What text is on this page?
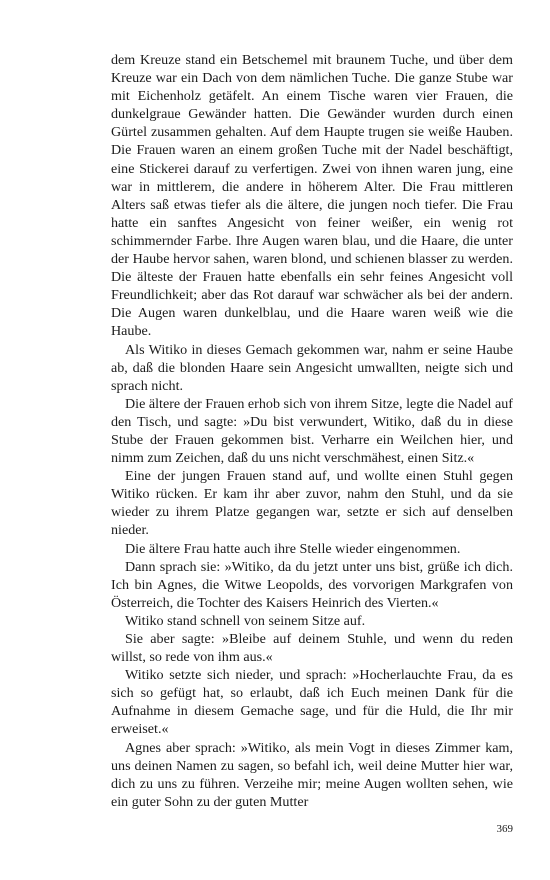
dem Kreuze stand ein Betschemel mit braunem Tuche, und über dem Kreuze war ein Dach von dem nämlichen Tuche. Die ganze Stube war mit Eichenholz getäfelt. An einem Tische waren vier Frauen, die dunkelgraue Gewänder hatten. Die Gewänder wurden durch einen Gürtel zusammen gehalten. Auf dem Haupte trugen sie weiße Hauben. Die Frauen waren an einem großen Tuche mit der Nadel beschäftigt, eine Stickerei darauf zu verfertigen. Zwei von ihnen waren jung, eine war in mittlerem, die andere in höherem Alter. Die Frau mittleren Alters saß etwas tiefer als die ältere, die jungen noch tiefer. Die Frau hatte ein sanftes Angesicht von feiner weißer, ein wenig rot schimmernder Farbe. Ihre Augen waren blau, und die Haare, die unter der Haube hervor sahen, waren blond, und schienen blasser zu werden. Die älteste der Frauen hatte ebenfalls ein sehr feines Angesicht voll Freundlichkeit; aber das Rot darauf war schwächer als bei der andern. Die Augen waren dunkelblau, und die Haare waren weiß wie die Haube.

Als Witiko in dieses Gemach gekommen war, nahm er seine Haube ab, daß die blonden Haare sein Angesicht umwallten, neigte sich und sprach nicht.

Die ältere der Frauen erhob sich von ihrem Sitze, legte die Nadel auf den Tisch, und sagte: »Du bist verwundert, Witiko, daß du in diese Stube der Frauen gekommen bist. Verharre ein Weilchen hier, und nimm zum Zeichen, daß du uns nicht verschmähest, einen Sitz.«

Eine der jungen Frauen stand auf, und wollte einen Stuhl gegen Witiko rücken. Er kam ihr aber zuvor, nahm den Stuhl, und da sie wieder zu ihrem Platze gegangen war, setzte er sich auf denselben nieder.

Die ältere Frau hatte auch ihre Stelle wieder eingenommen.

Dann sprach sie: »Witiko, da du jetzt unter uns bist, grüße ich dich. Ich bin Agnes, die Witwe Leopolds, des vorvorigen Markgrafen von Österreich, die Tochter des Kaisers Heinrich des Vierten.«

Witiko stand schnell von seinem Sitze auf.

Sie aber sagte: »Bleibe auf deinem Stuhle, und wenn du reden willst, so rede von ihm aus.«

Witiko setzte sich nieder, und sprach: »Hocherlauchte Frau, da es sich so gefügt hat, so erlaubt, daß ich Euch meinen Dank für die Aufnahme in diesem Gemache sage, und für die Huld, die Ihr mir erweiset.«

Agnes aber sprach: »Witiko, als mein Vogt in dieses Zimmer kam, uns deinen Namen zu sagen, so befahl ich, weil deine Mutter hier war, dich zu uns zu führen. Verzeihe mir; meine Augen wollten sehen, wie ein guter Sohn zu der guten Mutter

369
